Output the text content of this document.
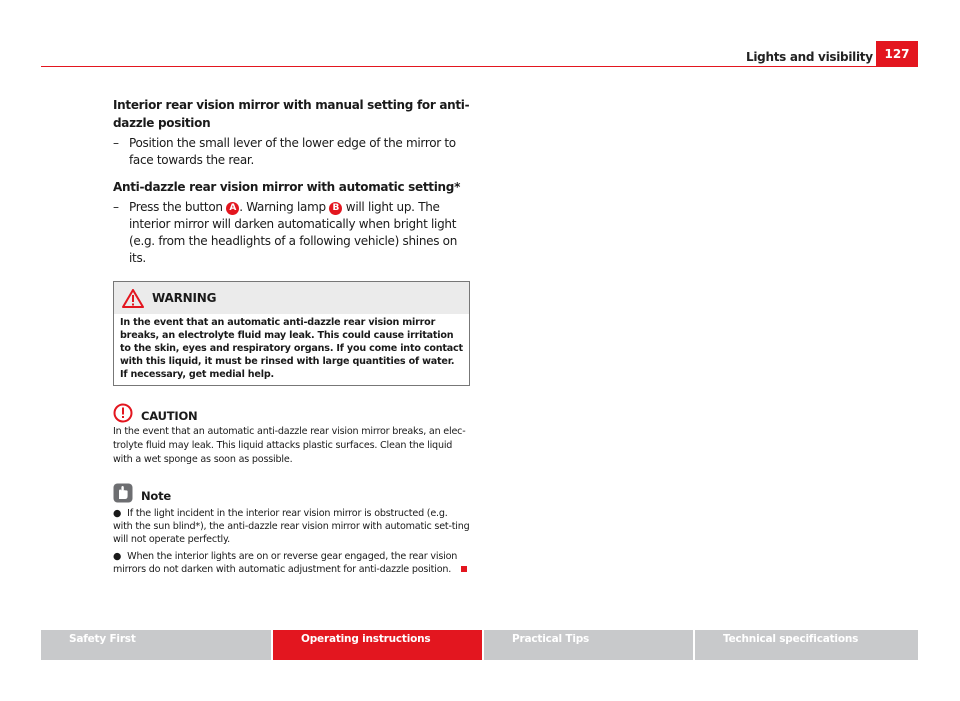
Lights and visibility 127

Interior rear vision mirror with manual setting for anti-dazzle position

– Position the small lever of the lower edge of the mirror to face towards the rear.

Anti-dazzle rear vision mirror with automatic setting*

– Press the button A . Warning lamp B will light up. The interior mirror will darken automatically when bright light (e.g. from the headlights of a following vehicle) shines on its.

WARNING
In the event that an automatic anti-dazzle rear vision mirror breaks, an electrolyte fluid may leak. This could cause irritation to the skin, eyes and respiratory organs. If you come into contact with this liquid, it must be rinsed with large quantities of water. If necessary, get medial help.
CAUTION

In the event that an automatic anti-dazzle rear vision mirror breaks, an elec-trolyte fluid may leak. This liquid attacks plastic surfaces. Clean the liquid with a wet sponge as soon as possible.

Note

● If the light incident in the interior rear vision mirror is obstructed (e.g. with the sun blind*), the anti-dazzle rear vision mirror with automatic set-ting will not operate perfectly.

● When the interior lights are on or reverse gear engaged, the rear vision mirrors do not darken with automatic adjustment for anti-dazzle position.

Safety First	Operating instructions	Practical Tips	Technical specifications
